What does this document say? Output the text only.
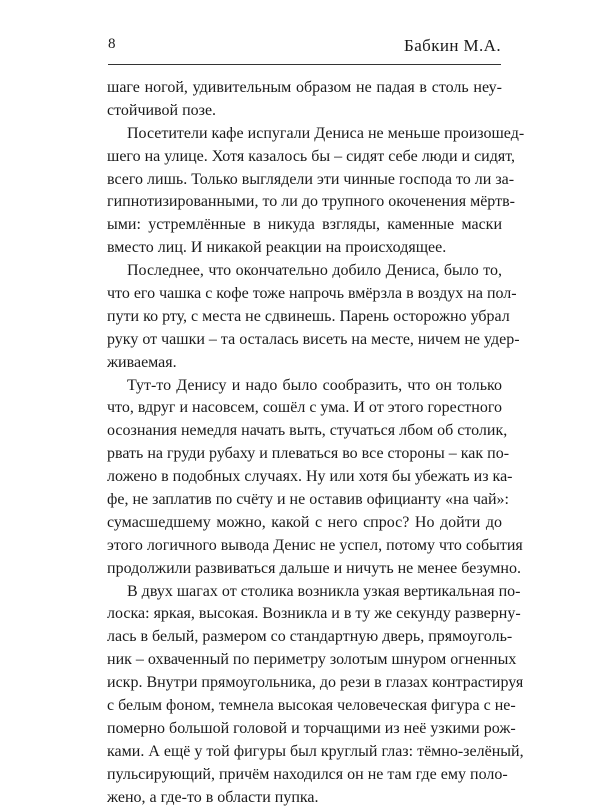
8	Бабкин М.А.
шаге ногой, удивительным образом не падая в столь неу-
стойчивой позе.
Посетители кафе испугали Дениса не меньше произошед-
шего на улице. Хотя казалось бы – сидят себе люди и сидят,
всего лишь. Только выглядели эти чинные господа то ли за-
гипнотизированными, то ли до трупного окоченения мёртв-
ыми: устремлённые в никуда взгляды, каменные маски
вместо лиц. И никакой реакции на происходящее.
Последнее, что окончательно добило Дениса, было то,
что его чашка с кофе тоже напрочь вмёрзла в воздух на пол-
пути ко рту, с места не сдвинешь. Парень осторожно убрал
руку от чашки – та осталась висеть на месте, ничем не удер-
живаемая.
Тут-то Денису и надо было сообразить, что он только
что, вдруг и насовсем, сошёл с ума. И от этого горестного
осознания немедля начать выть, стучаться лбом об столик,
рвать на груди рубаху и плеваться во все стороны – как по-
ложено в подобных случаях. Ну или хотя бы убежать из ка-
фе, не заплатив по счёту и не оставив официанту «на чай»:
сумасшедшему можно, какой с него спрос? Но дойти до
этого логичного вывода Денис не успел, потому что события
продолжили развиваться дальше и ничуть не менее безумно.
В двух шагах от столика возникла узкая вертикальная по-
лоска: яркая, высокая. Возникла и в ту же секунду разверну-
лась в белый, размером со стандартную дверь, прямоуголь-
ник – охваченный по периметру золотым шнуром огненных
искр. Внутри прямоугольника, до рези в глазах контрастируя
с белым фоном, темнела высокая человеческая фигура с не-
померно большой головой и торчащими из неё узкими рож-
ками. А ещё у той фигуры был круглый глаз: тёмно-зелёный,
пульсирующий, причём находился он не там где ему поло-
жено, а где-то в области пупка.
